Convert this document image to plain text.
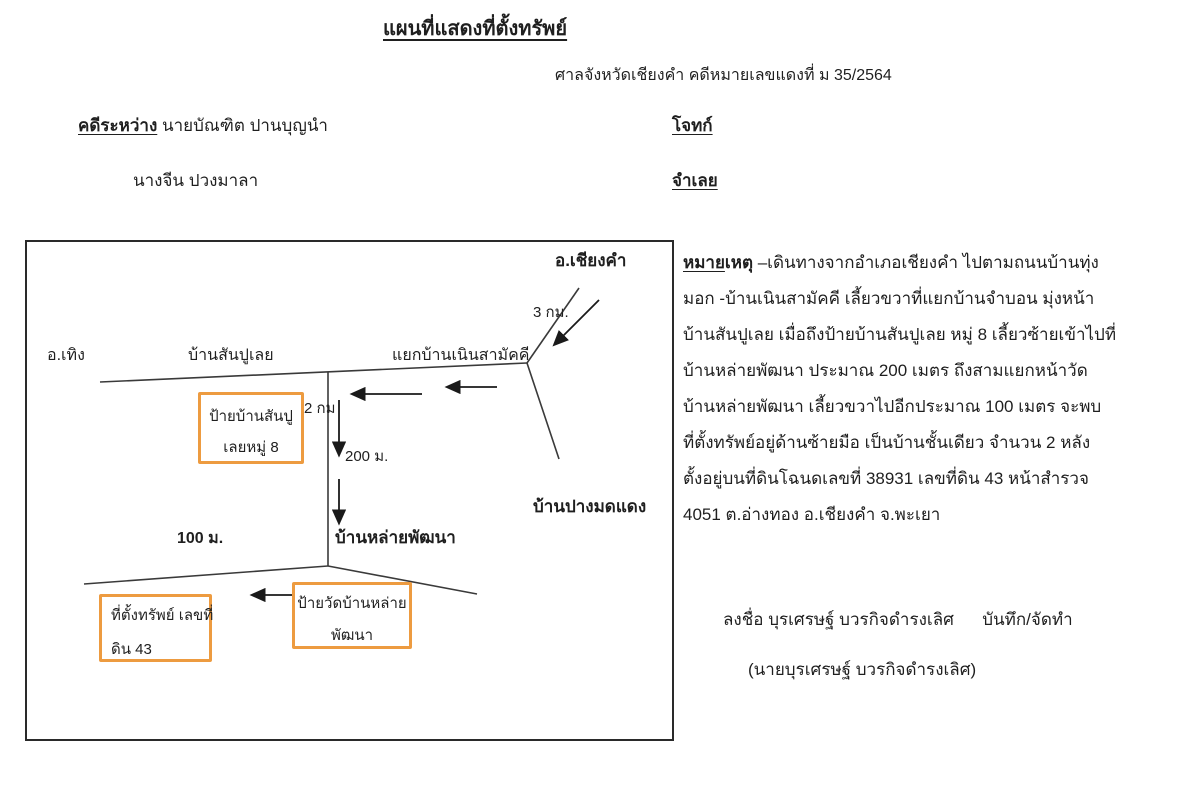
แผนที่แสดงที่ตั้งทรัพย์
ศาลจังหวัดเชียงคำ คดีหมายเลขแดงที่ ม 35/2564
คดีระหว่าง นายบัณฑิต ปานบุญนำ	โจทก์
นางจีน ปวงมาลา	จำเลย
อ.เชียงคำ
3 กม.
อ.เทิง	บ้านสันปูเลย	แยกบ้านเนินสามัคคี
2 กม
200 ม.
100 ม.	บ้านหล่ายพัฒนา
บ้านปางมดแดง
ป้ายบ้านสันปู
เลยหมู่ 8
ที่ตั้งทรัพย์ เลขที่
ดิน 43
ป้ายวัดบ้านหล่าย
พัฒนา
หมายเหตุ –เดินทางจากอำเภอเชียงคำ ไปตามถนนบ้านทุ่ง
มอก -บ้านเนินสามัคคี เลี้ยวขวาที่แยกบ้านจำบอน มุ่งหน้า
บ้านสันปูเลย เมื่อถึงป้ายบ้านสันปูเลย หมู่ 8 เลี้ยวซ้ายเข้าไปที่
บ้านหล่ายพัฒนา ประมาณ 200 เมตร ถึงสามแยกหน้าวัด
บ้านหล่ายพัฒนา เลี้ยวขวาไปอีกประมาณ 100 เมตร จะพบ
ที่ตั้งทรัพย์อยู่ด้านซ้ายมือ เป็นบ้านชั้นเดียว จำนวน 2 หลัง
ตั้งอยู่บนที่ดินโฉนดเลขที่ 38931 เลขที่ดิน 43 หน้าสำรวจ
4051 ต.อ่างทอง อ.เชียงคำ จ.พะเยา
ลงชื่อ บุรเศรษฐ์ บวรกิจดำรงเลิศ      บันทึก/จัดทำ
(นายบุรเศรษฐ์ บวรกิจดำรงเลิศ)
